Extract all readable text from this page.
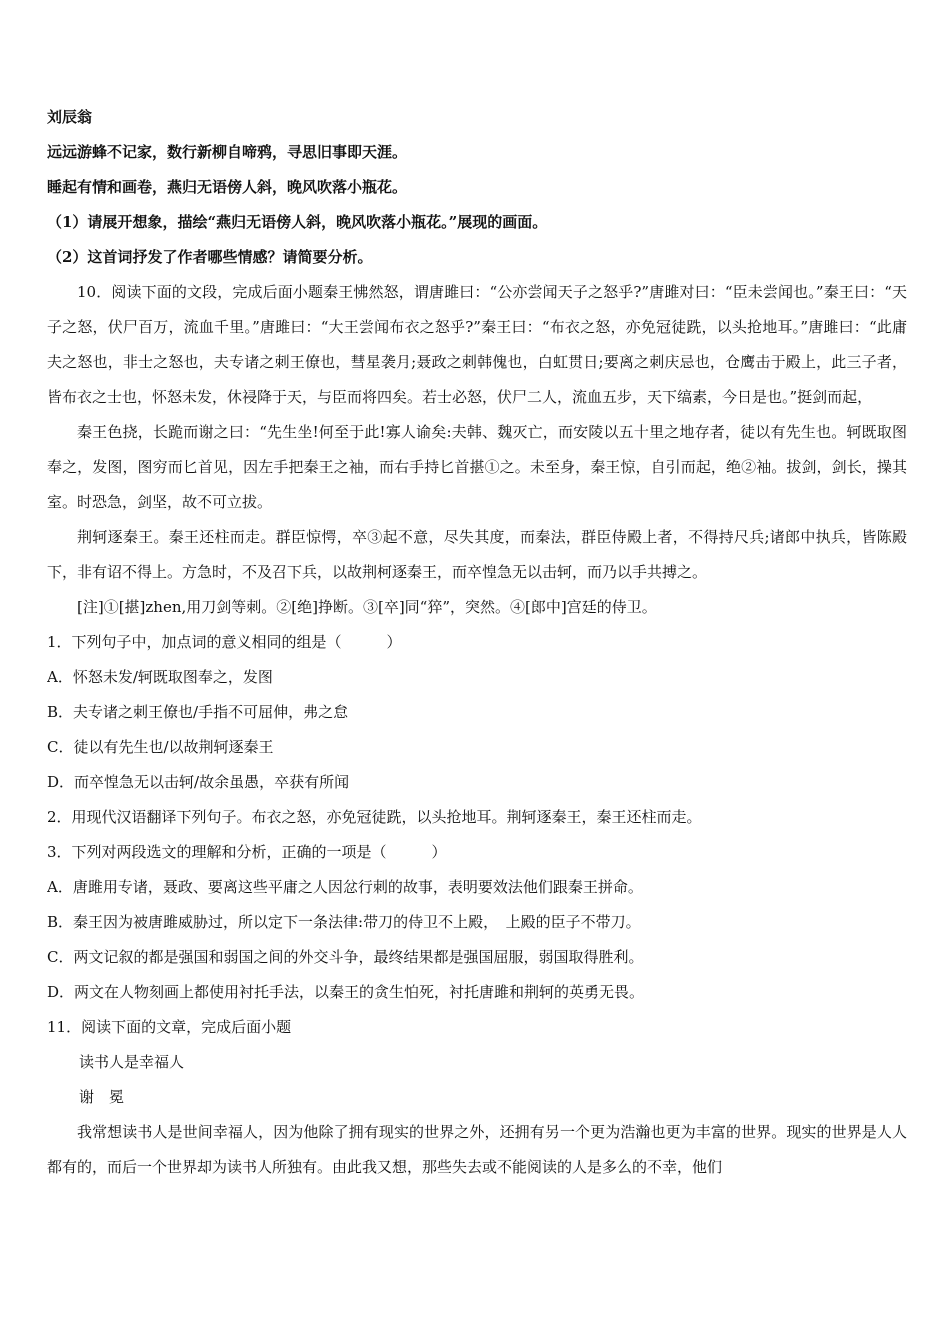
刘辰翁
远远游蜂不记家，数行新柳自啼鸦，寻思旧事即天涯。
睡起有情和画卷，燕归无语傍人斜，晚风吹落小瓶花。
（1）请展开想象，描绘“燕归无语傍人斜，晚风吹落小瓶花。”展现的画面。
（2）这首词抒发了作者哪些情感？请简要分析。

10．阅读下面的文段，完成后面小题秦王怫然怒，谓唐雎曰：“公亦尝闻天子之怒乎?”唐雎对曰：“臣未尝闻也。”秦王曰：“天子之怒，伏尸百万，流血千里。”唐雎曰：“大王尝闻布衣之怒乎?”秦王曰：“布衣之怒，亦免冠徒跣，以头抢地耳。”唐雎曰：“此庸夫之怒也，非士之怒也，夫专诸之刺王僚也，彗星袭月;聂政之刺韩傀也，白虹贯日;要离之刺庆忌也，仓鹰击于殿上，此三子者，皆布衣之士也，怀怒未发，休祲降于天，与臣而将四矣。若士必怒，伏尸二人，流血五步，天下缟素，今日是也。”挺剑而起，

秦王色挠，长跪而谢之曰：“先生坐!何至于此!寡人谕矣:夫韩、魏灭亡，而安陵以五十里之地存者，徒以有先生也。轲既取图奉之，发图，图穷而匕首见，因左手把秦王之袖，而右手持匕首揕①之。未至身，秦王惊，自引而起，绝②袖。拔剑，剑长，操其室。时恐急，剑坚，故不可立拔。

荆轲逐秦王。秦王还柱而走。群臣惊愕，卒③起不意，尽失其度，而秦法，群臣侍殿上者，不得持尺兵;诸郎中执兵，皆陈殿下，非有诏不得上。方急时，不及召下兵，以故荆柯逐秦王，而卒惶急无以击轲，而乃以手共搏之。

[注]①[揕]zhen,用刀剑等刺。②[绝]挣断。③[卒]同“猝”，突然。④[郎中]宫廷的侍卫。
1．下列句子中，加点词的意义相同的组是（　　　）
A．怀怒未发/轲既取图奉之，发图
B．夫专诸之刺王僚也/手指不可屈伸，弗之怠
C．徒以有先生也/以故荆轲逐秦王
D．而卒惶急无以击轲/故余虽愚，卒获有所闻
2．用现代汉语翻译下列句子。布衣之怒，亦免冠徒跣，以头抢地耳。荆轲逐秦王，秦王还柱而走。
3．下列对两段选文的理解和分析，正确的一项是（　　　）
A．唐雎用专诸，聂政、要离这些平庸之人因忿行刺的故事，表明要效法他们跟秦王拼命。
B．秦王因为被唐雎威胁过，所以定下一条法律:带刀的侍卫不上殿，　上殿的臣子不带刀。
C．两文记叙的都是强国和弱国之间的外交斗争，最终结果都是强国屈服，弱国取得胜利。
D．两文在人物刻画上都使用衬托手法，以秦王的贪生怕死，衬托唐雎和荆轲的英勇无畏。
11．阅读下面的文章，完成后面小题
读书人是幸福人
谢　冕

我常想读书人是世间幸福人，因为他除了拥有现实的世界之外，还拥有另一个更为浩瀚也更为丰富的世界。现实的世界是人人都有的，而后一个世界却为读书人所独有。由此我又想，那些失去或不能阅读的人是多么的不幸，他们
